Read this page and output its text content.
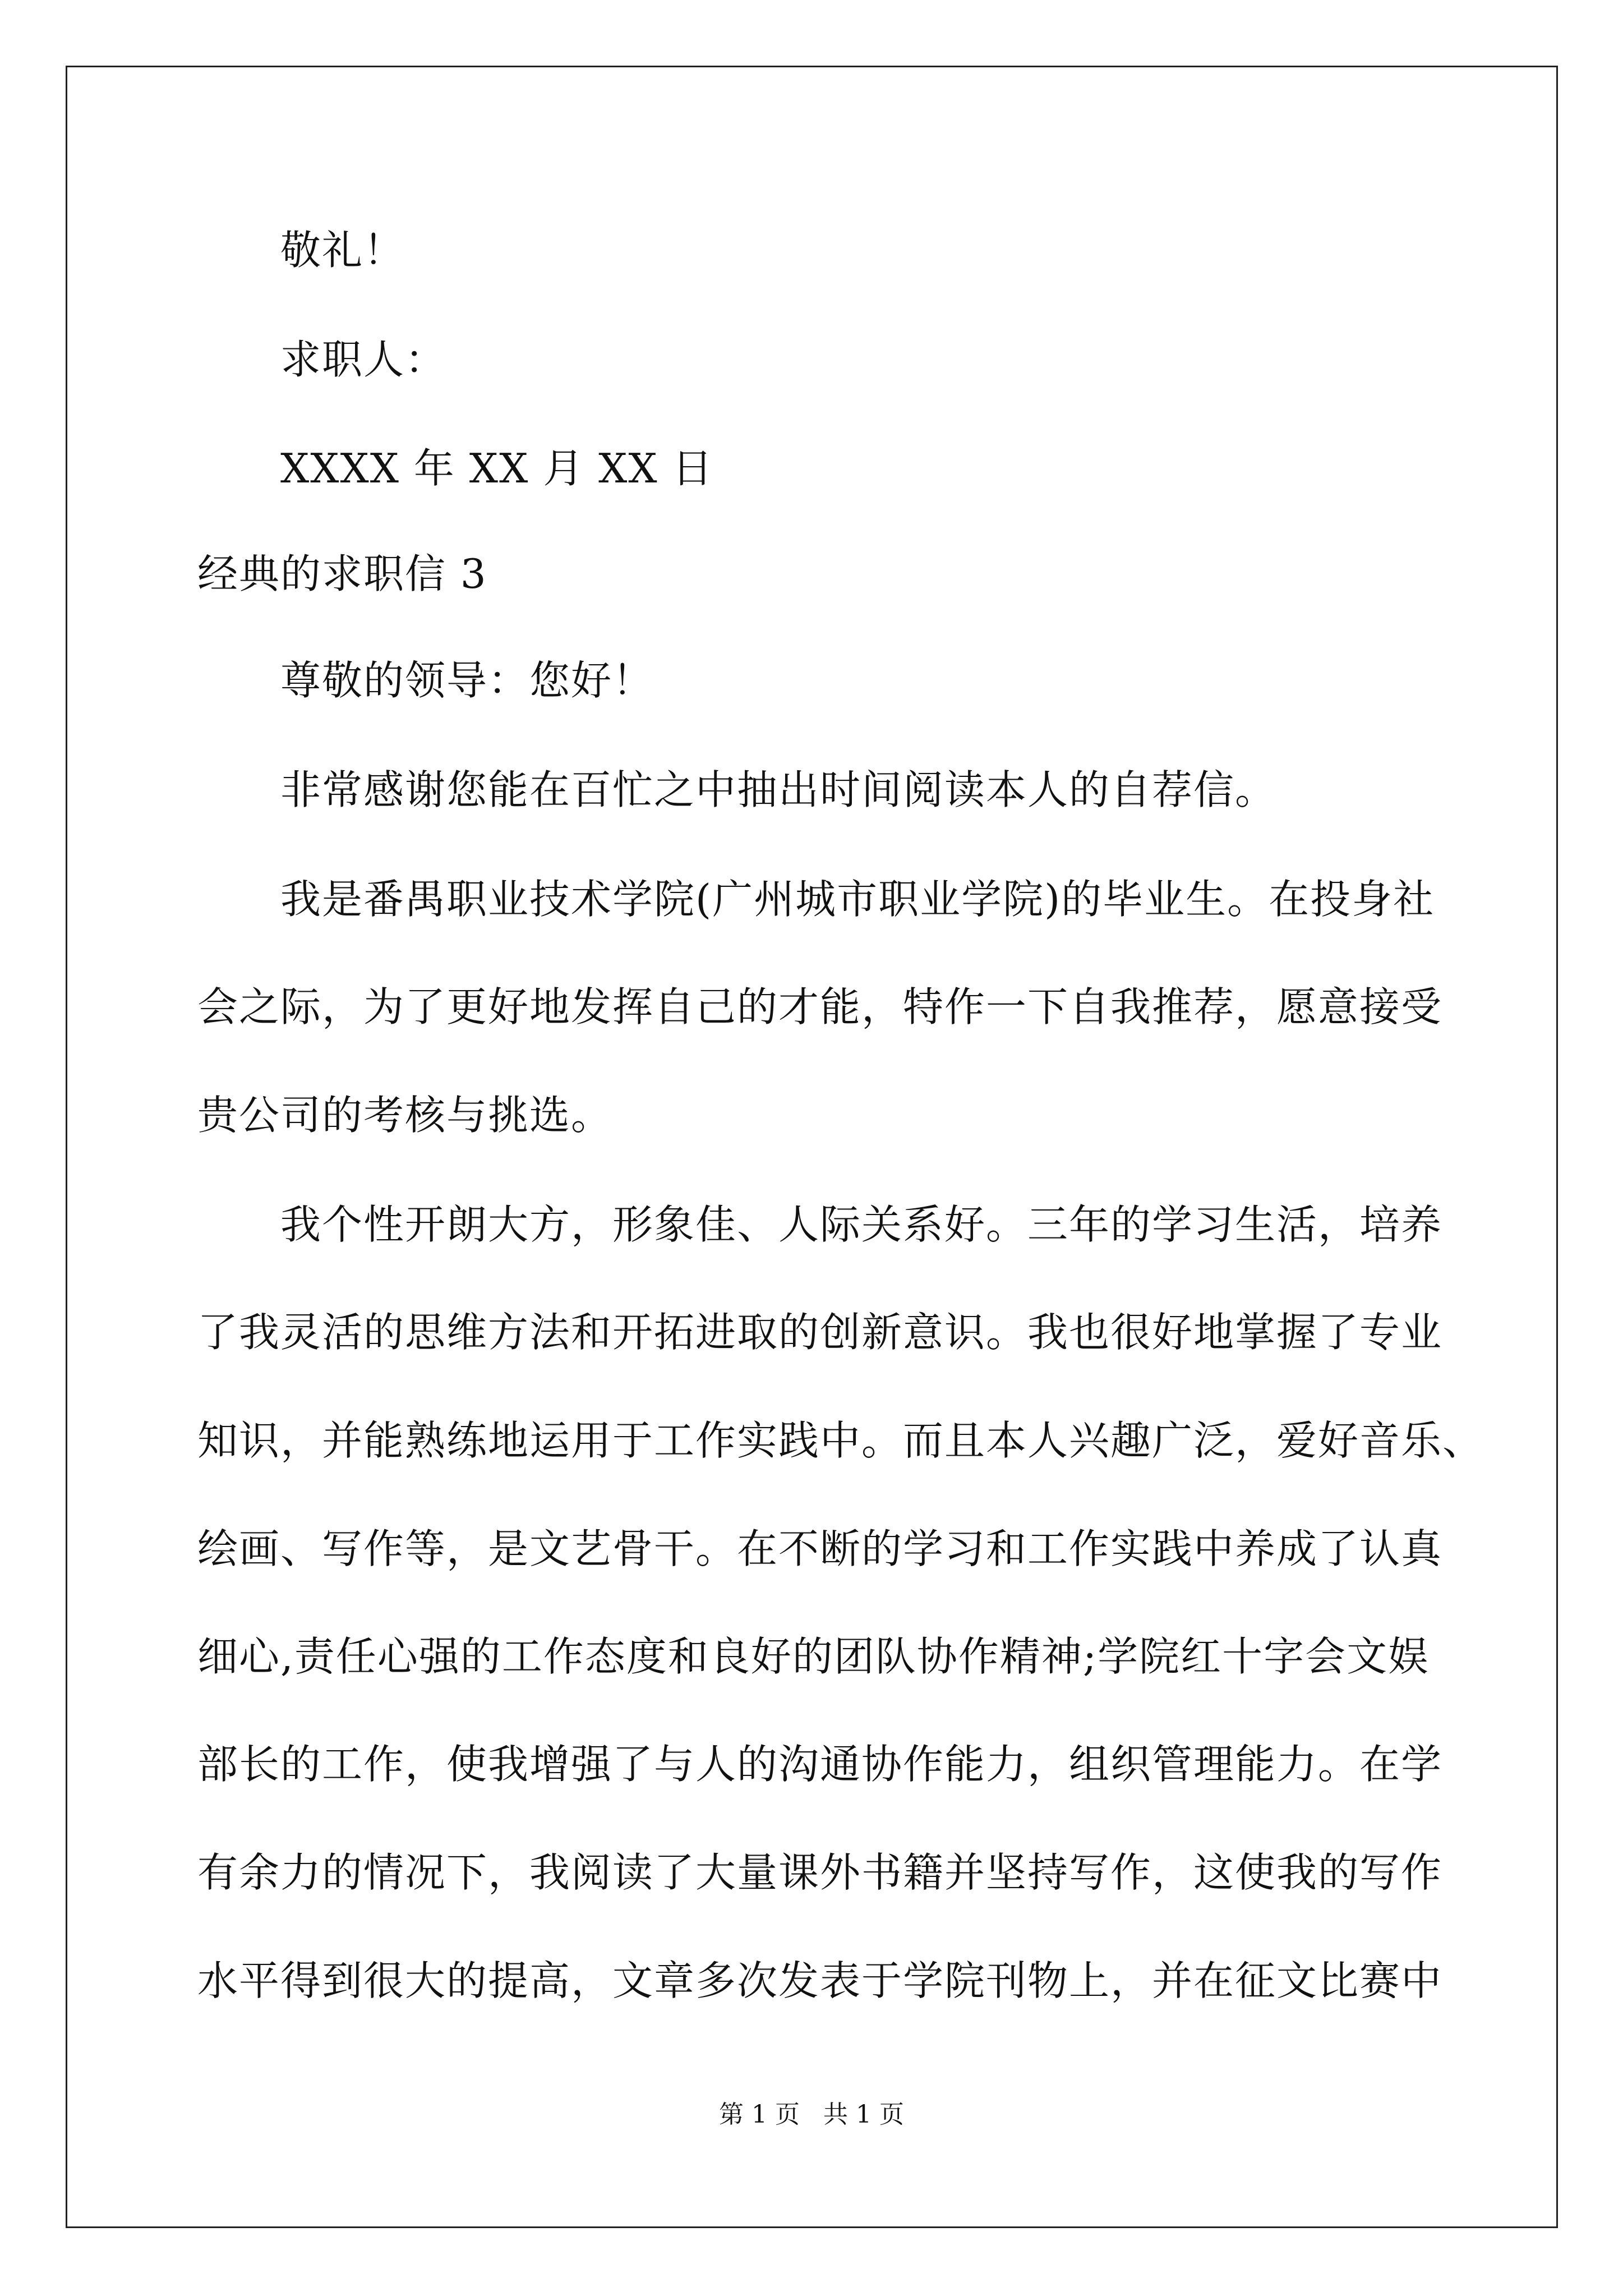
敬礼！
求职人：
XXXX 年 XX 月 XX 日
经典的求职信 3
尊敬的领导：您好！
非常感谢您能在百忙之中抽出时间阅读本人的自荐信。
我是番禺职业技术学院(广州城市职业学院)的毕业生。在投身社
会之际，为了更好地发挥自己的才能，特作一下自我推荐，愿意接受
贵公司的考核与挑选。
我个性开朗大方，形象佳、人际关系好。三年的学习生活，培养
了我灵活的思维方法和开拓进取的创新意识。我也很好地掌握了专业
知识，并能熟练地运用于工作实践中。而且本人兴趣广泛，爱好音乐、
绘画、写作等，是文艺骨干。在不断的学习和工作实践中养成了认真
细心,责任心强的工作态度和良好的团队协作精神;学院红十字会文娱
部长的工作，使我增强了与人的沟通协作能力，组织管理能力。在学
有余力的情况下，我阅读了大量课外书籍并坚持写作，这使我的写作
水平得到很大的提高，文章多次发表于学院刊物上，并在征文比赛中
第 1 页   共 1 页
